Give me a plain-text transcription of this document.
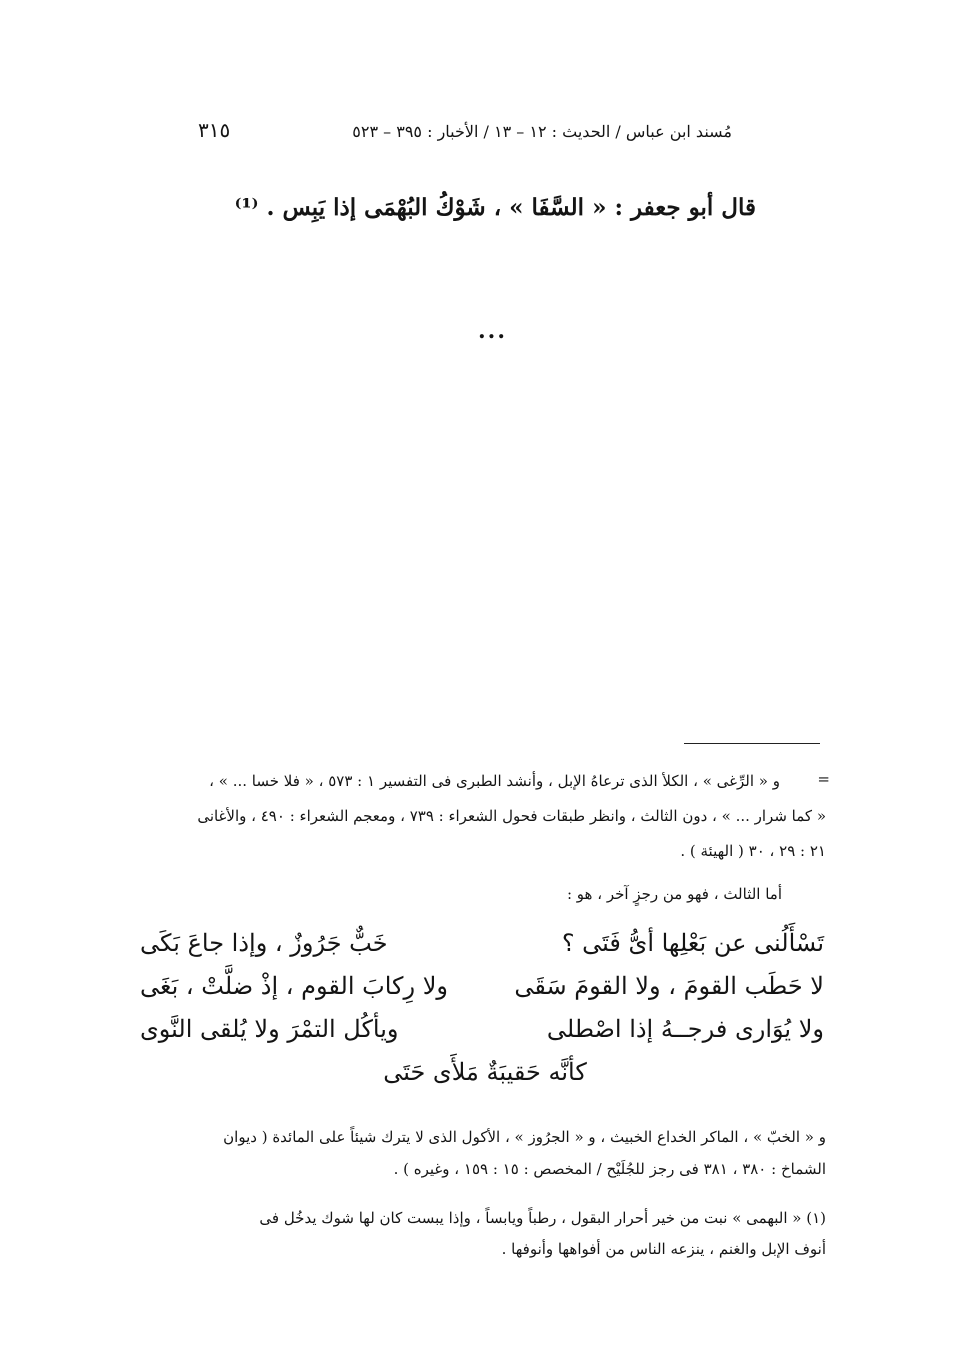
مُسند ابن عباس / الحديث : ١٢ – ١٣ / الأخبار : ٣٩٥ – ٥٢٣
٣١٥
قال أبو جعفر : « السَّفَا » ، شَوْكُ البُهْمَى إذا يَبِس . ⁽¹⁾
...
=
و « الرِّغى » ، الكلأ الذى ترعاهُ الإبل ، وأنشد الطبرى فى التفسير ١ : ٥٧٣ ، « فلا خسا ... » ،
« كما شرار ... » ، دون الثالث ، وانظر طبقات فحول الشعراء : ٧٣٩ ، ومعجم الشعراء : ٤٩٠ ، والأغانى
٢١ : ٢٩ ، ٣٠ ( الهيئة ) .
أما الثالث ، فهو من رجزٍ آخر ، هو :
تَسْأَلُنى عن بَعْلِها أىُّ فَتَى ؟
خَبٌّ جَرُوزٌ ، وإذا جاعَ بَكَى
لا حَطَب القومَ ، ولا القومَ سَقَى
ولا رِكابَ القوم ، إذْ ضلَّتْ ، بَغَى
ولا يُوَارى فرجــهُ إذا اصْطلى
ويأكُل التمْرَ ولا يُلقى النَّوى
كأنَّه حَقيبَةٌ مَلأَى حَتَى
و « الخبّ » ، الماكر الخداع الخبيث ، و « الجرُوز » ، الأكول الذى لا يترك شيئاً على المائدة ( ديوان
الشماخ : ٣٨٠ ، ٣٨١ فى رجز للجُلَيْح / المخصص : ١٥ : ١٥٩ ، وغيره ) .
(١) « البهمى » نبت من خير أحرار البقول ، رطباً ويابساً ، وإذا يبست كان لها شوك يدخُل فى
أنوف الإبل والغنم ، ينزعه الناس من أفواهها وأنوفها .
